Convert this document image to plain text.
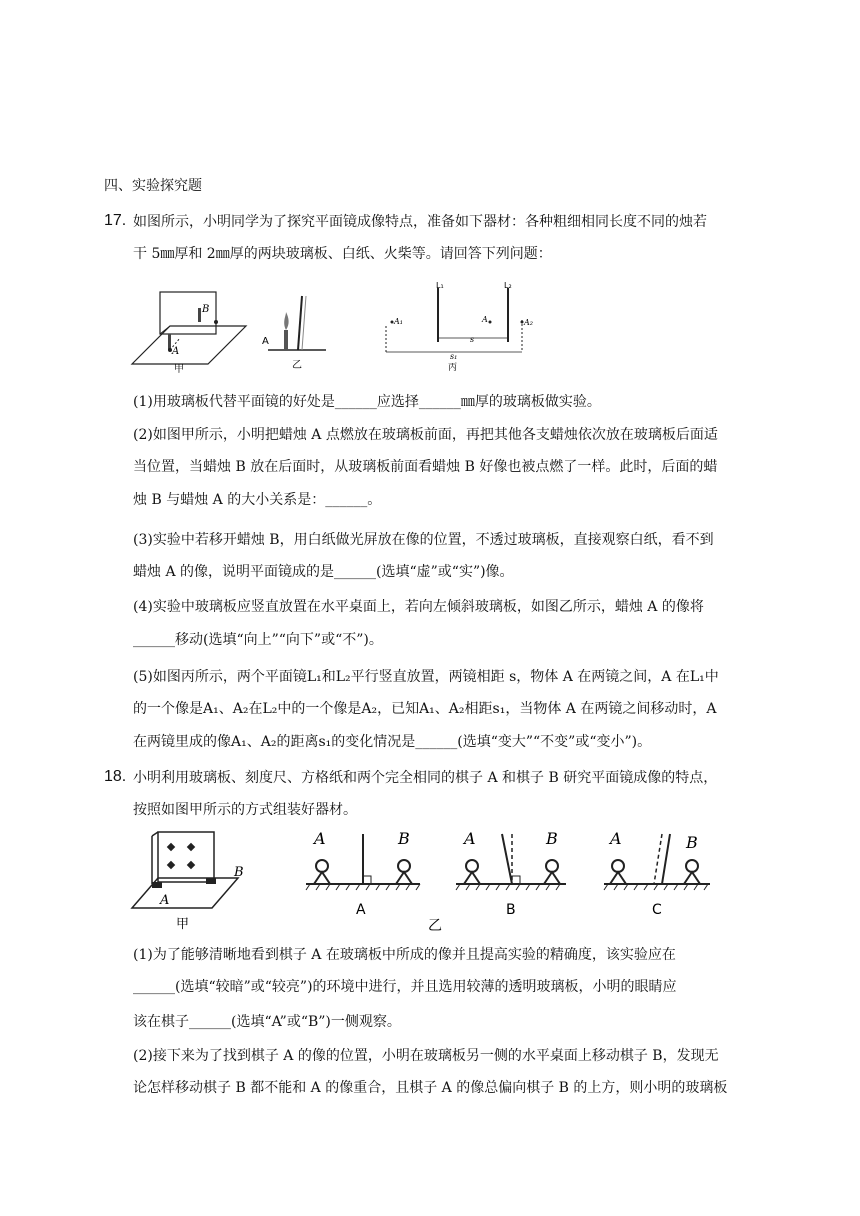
四、实验探究题
17. 如图所示，小明同学为了探究平面镜成像特点，准备如下器材：各种粗细相同长度不同的烛若
干 5㎜厚和 2㎜厚的两块玻璃板、白纸、火柴等。请回答下列问题：
B
A
甲
A
乙
L₁	L₂
A₁	A	A₂
s
s₁
丙
(1)用玻璃板代替平面镜的好处是______应选择______㎜厚的玻璃板做实验。
(2)如图甲所示，小明把蜡烛 A 点燃放在玻璃板前面，再把其他各支蜡烛依次放在玻璃板后面适
当位置，当蜡烛 B 放在后面时，从玻璃板前面看蜡烛 B 好像也被点燃了一样。此时，后面的蜡
烛 B 与蜡烛 A 的大小关系是：______。
(3)实验中若移开蜡烛 B，用白纸做光屏放在像的位置，不透过玻璃板，直接观察白纸，看不到
蜡烛 A 的像，说明平面镜成的是______(选填“虚”或“实”)像。
(4)实验中玻璃板应竖直放置在水平桌面上，若向左倾斜玻璃板，如图乙所示，蜡烛 A 的像将
______移动(选填“向上”“向下”或“不”)。
(5)如图丙所示，两个平面镜L₁和L₂平行竖直放置，两镜相距 s，物体 A 在两镜之间，A 在L₁中
的一个像是A₁、A₂在L₂中的一个像是A₂，已知A₁、A₂相距s₁，当物体 A 在两镜之间移动时，A
在两镜里成的像A₁、A₂的距离s₁的变化情况是______(选填“变大”“不变”或“变小”)。
18. 小明利用玻璃板、刻度尺、方格纸和两个完全相同的棋子 A 和棋子 B 研究平面镜成像的特点，
按照如图甲所示的方式组装好器材。
B
A
甲
A	B
A
A	B
B
A	B
C
乙
(1)为了能够清晰地看到棋子 A 在玻璃板中所成的像并且提高实验的精确度，该实验应在
______(选填“较暗”或“较亮”)的环境中进行，并且选用较薄的透明玻璃板，小明的眼睛应
该在棋子______(选填“A”或“B”)一侧观察。
(2)接下来为了找到棋子 A 的像的位置，小明在玻璃板另一侧的水平桌面上移动棋子 B，发现无
论怎样移动棋子 B 都不能和 A 的像重合，且棋子 A 的像总偏向棋子 B 的上方，则小明的玻璃板
